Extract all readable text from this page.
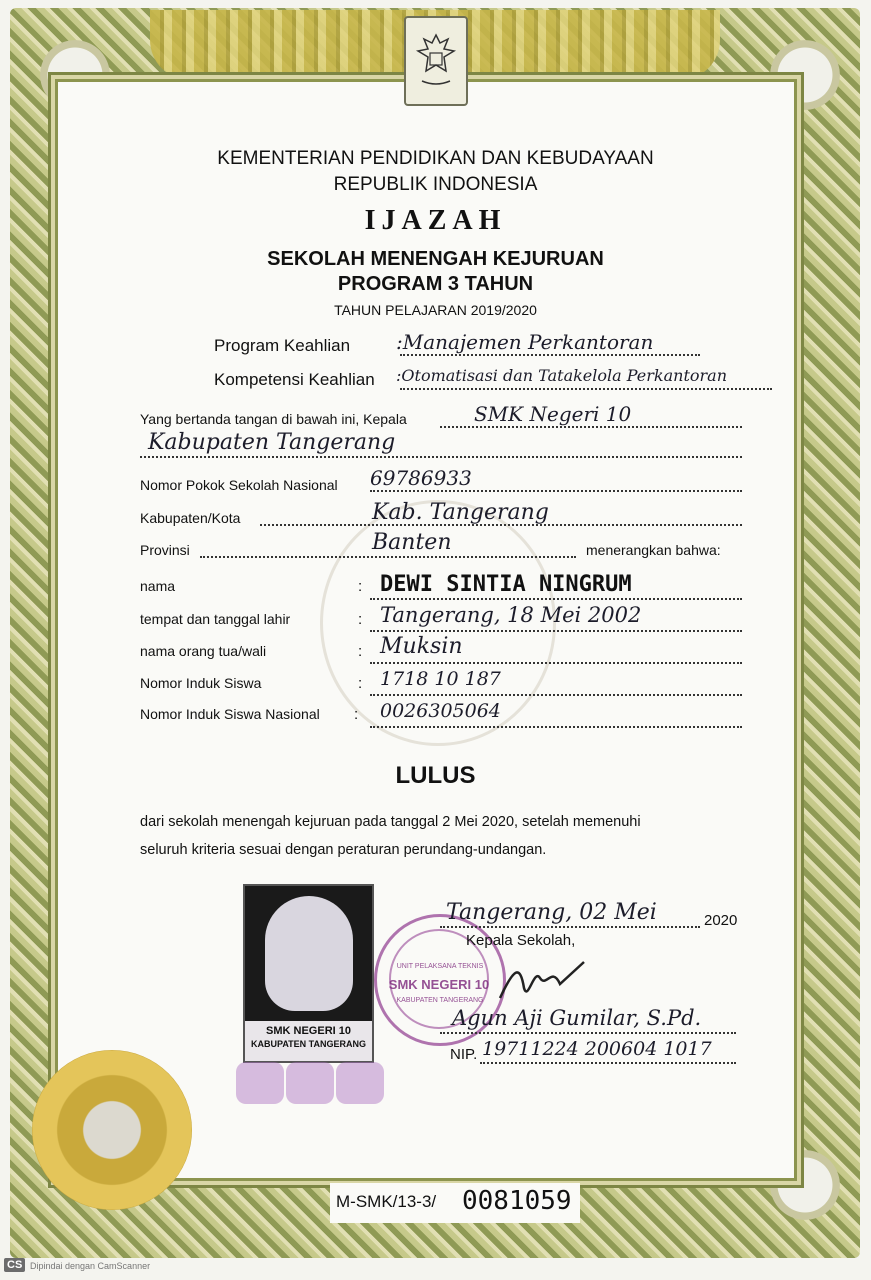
KEMENTERIAN PENDIDIKAN DAN KEBUDAYAAN
REPUBLIK INDONESIA
IJAZAH
SEKOLAH MENENGAH KEJURUAN
PROGRAM 3 TAHUN
TAHUN PELAJARAN 2019/2020
Program Keahlian :Manajemen Perkantoran
Kompetensi Keahlian :Otomatisasi dan Tatakelola Perkantoran
Yang bertanda tangan di bawah ini, Kepala	SMK Negeri 10
Kabupaten Tangerang
Nomor Pokok Sekolah Nasional 69786933
Kabupaten/Kota	Kab. Tangerang
Provinsi	Banten	menerangkan bahwa:
nama	: DEWI SINTIA NINGRUM
tempat dan tanggal lahir	: Tangerang, 18 Mei 2002
nama orang tua/wali	: Muksin
Nomor Induk Siswa	: 1718 10 187
Nomor Induk Siswa Nasional : 0026305064
LULUS
dari sekolah menengah kejuruan pada tanggal 2 Mei 2020, setelah memenuhi
seluruh kriteria sesuai dengan peraturan perundang-undangan.
SMK NEGERI 10
KABUPATEN TANGERANG
UNIT PELAKSANA TEKNIS
SMK NEGERI 10
KABUPATEN TANGERANG
Tangerang, 02 Mei	2020
Kepala Sekolah,
Agun Aji Gumilar, S.Pd.
NIP. 19711224 200604 1017
M-SMK/13-3/ 0081059
CS Dipindai dengan CamScanner
